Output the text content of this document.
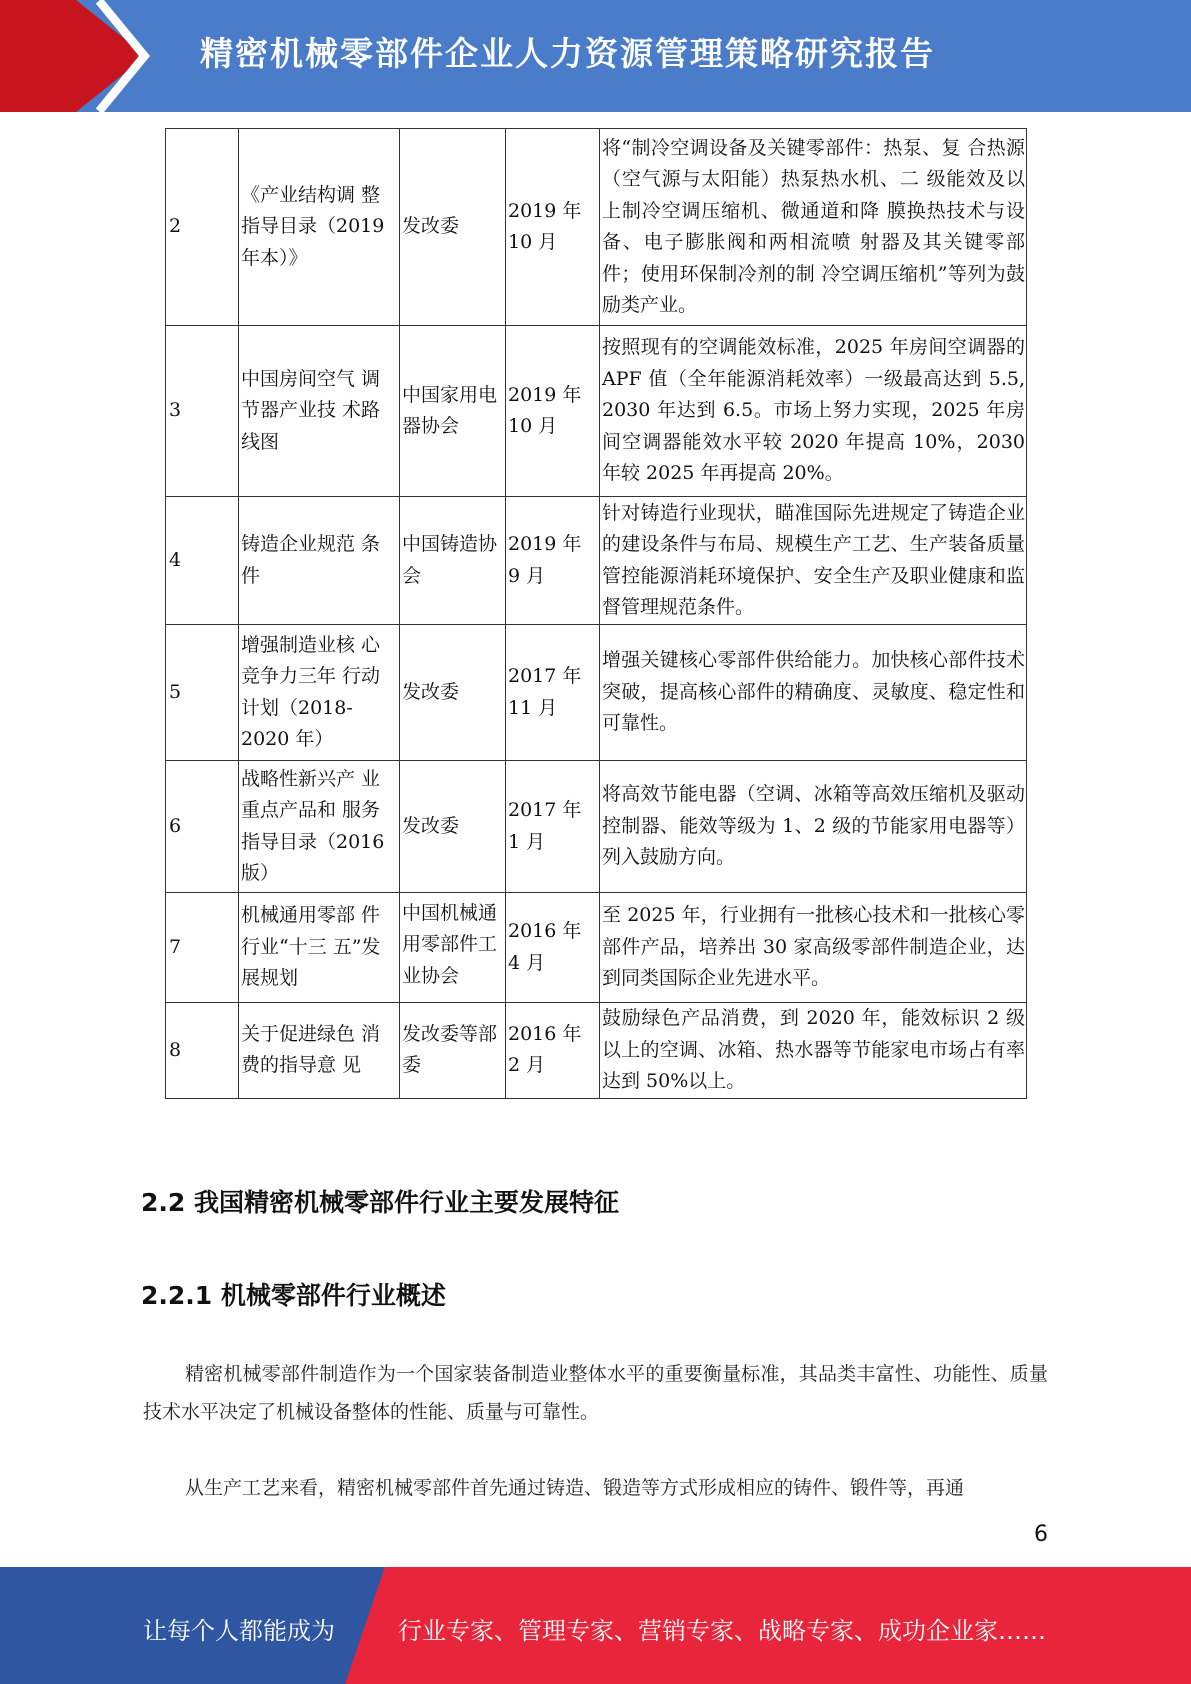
精密机械零部件企业人力资源管理策略研究报告
2	《产业结构调 整指导目录（2019 年本）》	发改委	2019 年 10 月	将“制冷空调设备及关键零部件：热泵、复 合热源（空气源与太阳能）热泵热水机、二 级能效及以上制冷空调压缩机、微通道和降 膜换热技术与设备、电子膨胀阀和两相流喷 射器及其关键零部件；使用环保制冷剂的制 冷空调压缩机”等列为鼓励类产业。
3	中国房间空气 调节器产业技 术路线图	中国家用电器协会	2019 年 10 月	按照现有的空调能效标准，2025 年房间空调器的 APF 值（全年能源消耗效率）一级最高达到 5.5, 2030 年达到 6.5。市场上努力实现，2025 年房间空调器能效水平较 2020 年提高 10%，2030 年较 2025 年再提高 20%。
4	铸造企业规范 条件	中国铸造协会	2019 年 9 月	针对铸造行业现状，瞄准国际先进规定了铸造企业的建设条件与布局、规模生产工艺、生产装备质量管控能源消耗环境保护、安全生产及职业健康和监督管理规范条件。
5	增强制造业核 心竞争力三年 行动计划（2018-2020 年）	发改委	2017 年 11 月	增强关键核心零部件供给能力。加快核心部件技术突破，提高核心部件的精确度、灵敏度、稳定性和可靠性。
6	战略性新兴产 业重点产品和 服务指导目录（2016 版）	发改委	2017 年 1 月	将高效节能电器（空调、冰箱等高效压缩机及驱动控制器、能效等级为 1、2 级的节能家用电器等）列入鼓励方向。
7	机械通用零部 件行业“十三 五”发展规划	中国机械通用零部件工业协会	2016 年 4 月	至 2025 年，行业拥有一批核心技术和一批核心零部件产品，培养出 30 家高级零部件制造企业，达到同类国际企业先进水平。
8	关于促进绿色 消费的指导意 见	发改委等部委	2016 年 2 月	鼓励绿色产品消费，到 2020 年，能效标识 2 级以上的空调、冰箱、热水器等节能家电市场占有率达到 50%以上。
2.2 我国精密机械零部件行业主要发展特征
2.2.1 机械零部件行业概述

精密机械零部件制造作为一个国家装备制造业整体水平的重要衡量标准，其品类丰富性、功能性、质量技术水平决定了机械设备整体的性能、质量与可靠性。

从生产工艺来看，精密机械零部件首先通过铸造、锻造等方式形成相应的铸件、锻件等，再通

6
让每个人都能成为	行业专家、管理专家、营销专家、战略专家、成功企业家……
